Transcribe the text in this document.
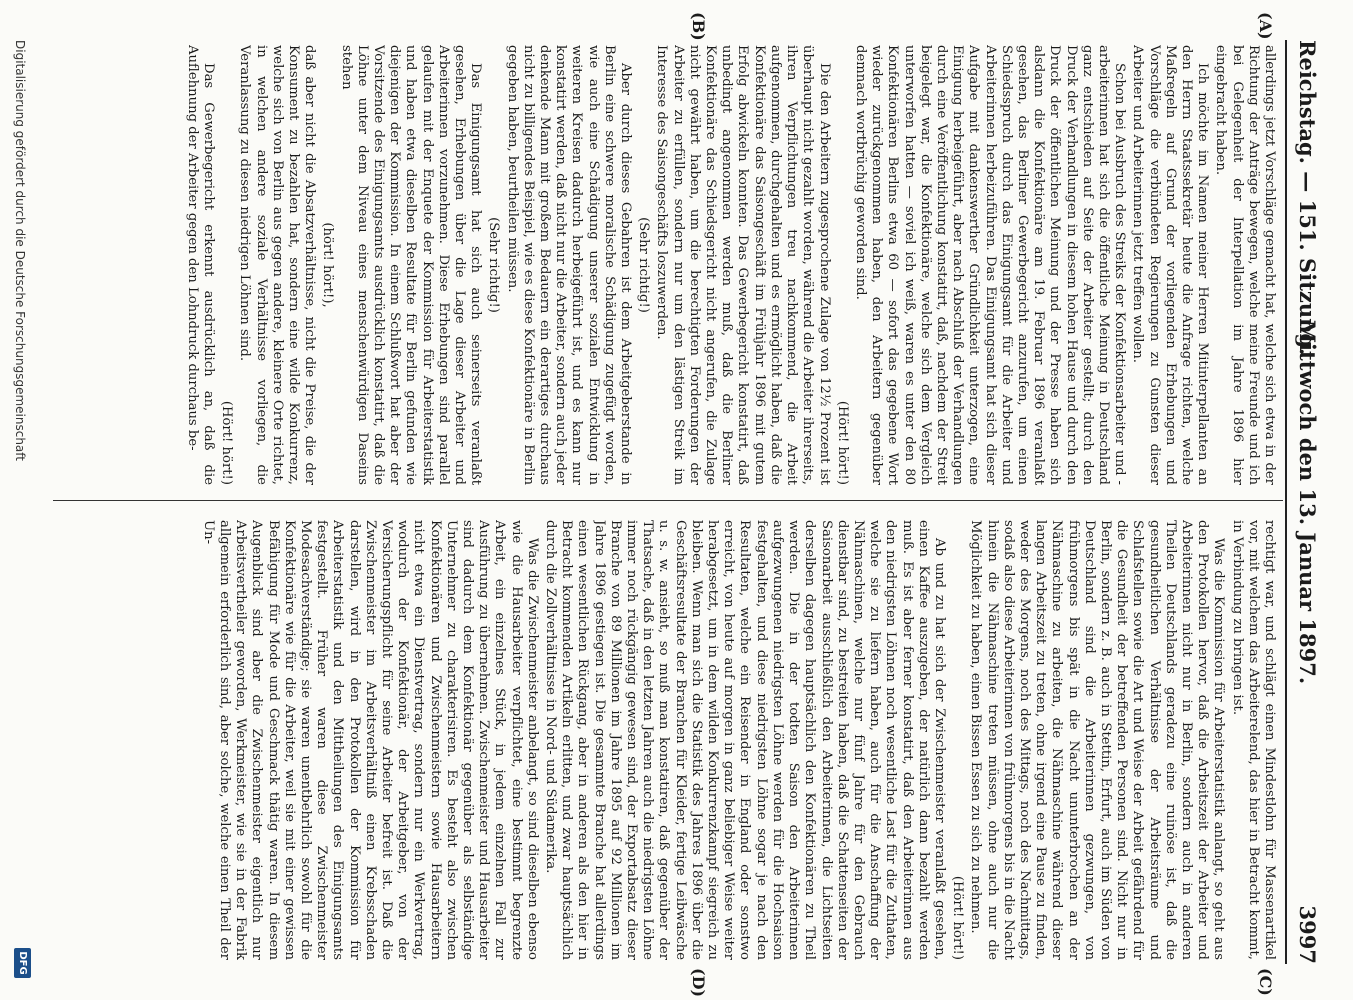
Reichstag. — 151. Sitzung.
Mittwoch den 13. Januar 1897.
3997
(A)
(B)
(C)
(D)

allerdings jetzt Vorschläge gemacht hat, welche sich etwa in der Richtung der Anträge bewegen, welche meine Freunde und ich bei Gelegenheit der Interpellation im Jahre 1896 hier eingebracht haben.

Ich möchte im Namen meiner Herren Mitinterpellanten an den Herrn Staatssekretär heute die Anfrage richten, welche Maßregeln auf Grund der vorliegenden Erhebungen und Vorschläge die verbündeten Regierungen zu Gunsten dieser Arbeiter und Arbeiterinnen jetzt treffen wollen.

Schon bei Ausbruch des Streiks der Konfektionsarbeiter und -arbeiterinnen hat sich die öffentliche Meinung in Deutschland ganz entschieden auf Seite der Arbeiter gestellt; durch den Druck der Verhandlungen in diesem hohen Hause und durch den Druck der öffentlichen Meinung und der Presse haben sich alsdann die Konfektionäre am 19. Februar 1896 veranlaßt gesehen, das Berliner Gewerbegericht anzurufen, um einen Schiedsspruch durch das Einigungsamt für die Arbeiter und Arbeiterinnen herbeizuführen. Das Einigungsamt hat sich dieser Aufgabe mit dankenswerther Gründlichkeit unterzogen, eine Einigung herbeigeführt, aber nach Abschluß der Verhandlungen durch eine Veröffentlichung konstatirt, daß, nachdem der Streit beigelegt war, die Konfektionäre, welche sich dem Vergleich unterworfen hatten — soviel ich weiß, waren es unter den 80 Konfektionären Berlins etwa 60 — sofort das gegebene Wort wieder zurückgenommen haben, den Arbeitern gegenüber demnach wortbrüchig geworden sind.

(Hört! hört!)

Die den Arbeitern zugesprochene Zulage von 12½ Prozent ist überhaupt nicht gezahlt worden, während die Arbeiter ihrerseits, ihren Verpflichtungen treu nachkommend, die Arbeit aufgenommen, durchgehalten und es ermöglicht haben, daß die Konfektionäre das Saisongeschäft im Frühjahr 1896 mit gutem Erfolg abwickeln konnten. Das Gewerbegericht konstatirt, daß unbedingt angenommen werden muß, daß die Berliner Konfektionäre das Schiedsgericht nicht angerufen, die Zulage nicht gewährt haben, um die berechtigten Forderungen der Arbeiter zu erfüllen, sondern nur um den lästigen Streik im Interesse des Saisongeschäfts loszuwerden.

(Sehr richtig!)

Aber durch dieses Gebahren ist dem Arbeitgeberstande in Berlin eine schwere moralische Schädigung zugefügt worden, wie auch eine Schädigung unserer sozialen Entwicklung in weiteren Kreisen dadurch herbeigeführt ist, und es kann nur konstatirt werden, daß nicht nur die Arbeiter, sondern auch jeder denkende Mann mit großem Bedauern ein derartiges durchaus nicht zu billigendes Beispiel, wie es diese Konfektionäre in Berlin gegeben haben, beurtheilen müssen.

(Sehr richtig!)

Das Einigungsamt hat sich auch seinerseits veranlaßt gesehen, Erhebungen über die Lage dieser Arbeiter und Arbeiterinnen vorzunehmen. Diese Erhebungen sind parallel gelaufen mit der Enquete der Kommission für Arbeiterstatistik und haben etwa dieselben Resultate für Berlin gefunden wie diejenigen der Kommission. In einem Schlußwort hat aber der Vorsitzende des Einigungsamts ausdrücklich konstatirt, daß die Löhne unter dem Niveau eines menschenwürdigen Daseins stehen

(hört! hört!),

daß aber nicht die Absatzverhältnisse, nicht die Preise, die der Konsument zu bezahlen hat, sondern eine wilde Konkurrenz, welche sich von Berlin aus gegen andere, kleinere Orte richtet, in welchen andere soziale Verhältnisse vorliegen, die Veranlassung zu diesen niedrigen Löhnen sind.

(Hört! hört!)

Das Gewerbegericht erkennt ausdrücklich an, daß die Auflehnung der Arbeiter gegen den Lohndruck durchaus be-

rechtigt war, und schlägt einen Mindestlohn für Massenartikel vor, mit welchem das Arbeiterelend, das hier in Betracht kommt, in Verbindung zu bringen ist.

Was die Kommission für Arbeiterstatistik anlangt, so geht aus den Protokollen hervor, daß die Arbeitszeit der Arbeiter und Arbeiterinnen nicht nur in Berlin, sondern auch in anderen Theilen Deutschlands geradezu eine ruinöse ist, daß die gesundheitlichen Verhältnisse der Arbeitsräume und Schlafstellen sowie die Art und Weise der Arbeit gefährdend für die Gesundheit der betreffenden Personen sind. Nicht nur in Berlin, sondern z. B. auch in Stettin, Erfurt, auch im Süden von Deutschland sind die Arbeiterinnen gezwungen, von frühmorgens bis spät in die Nacht ununterbrochen an der Nähmaschine zu arbeiten, die Nähmaschine während dieser langen Arbeitszeit zu treten, ohne irgend eine Pause zu finden, weder des Morgens, noch des Mittags, noch des Nachmittags, sodaß also diese Arbeiterinnen von frühmorgens bis in die Nacht hinein die Nähmaschine treten müssen, ohne auch nur die Möglichkeit zu haben, einen Bissen Essen zu sich zu nehmen.

(Hört! hört!)

Ab und zu hat sich der Zwischenmeister veranlaßt gesehen, einen Kaffee auszugeben, der natürlich dann bezahlt werden muß. Es ist aber ferner konstatirt, daß den Arbeiterinnen aus den niedrigsten Löhnen noch wesentliche Last für die Zuthaten, welche sie zu liefern haben, auch für die Anschaffung der Nähmaschinen, welche nur fünf Jahre für den Gebrauch dienstbar sind, zu bestreiten haben, daß die Schattenseiten der Saisonarbeit ausschließlich den Arbeiterinnen, die Lichtseiten derselben dagegen hauptsächlich den Konfektionären zu Theil werden. Die in der todten Saison den Arbeiterinnen aufgezwungenen niedrigsten Löhne werden für die Hochsaison festgehalten, und diese niedrigsten Löhne sogar je nach den Resultaten, welche ein Reisender in England oder sonstwo erreicht, von heute auf morgen in ganz beliebiger Weise weiter herabgesetzt, um in dem wilden Konkurrenzkampf siegreich zu bleiben. Wenn man sich die Statistik des Jahres 1896 über die Geschäftsresultate der Branchen für Kleider, fertige Leibwäsche u. s. w. ansieht, so muß man konstatiren, daß gegenüber der Thatsache, daß in den letzten Jahren auch die niedrigsten Löhne immer noch rückgängig gewesen sind, der Exportabsatz dieser Branche von 89 Millionen im Jahre 1895 auf 92 Millionen im Jahre 1896 gestiegen ist. Die gesammte Branche hat allerdings einen wesentlichen Rückgang, aber in anderen als den hier in Betracht kommenden Artikeln erlitten, und zwar hauptsächlich durch die Zollverhältnisse in Nord- und Südamerika.

Was die Zwischenmeister anbelangt, so sind dieselben ebenso wie die Hausarbeiter verpflichtet, eine bestimmt begrenzte Arbeit, ein einzelnes Stück, in jedem einzelnen Fall zur Ausführung zu übernehmen. Zwischenmeister und Hausarbeiter sind dadurch dem Konfektionär gegenüber als selbständige Unternehmer zu charakterisiren. Es besteht also zwischen Konfektionären und Zwischenmeistern sowie Hausarbeitern nicht etwa ein Dienstvertrag, sondern nur ein Werkvertrag, wodurch der Konfektionär, der Arbeitgeber, von der Versicherungspflicht für seine Arbeiter befreit ist. Daß die Zwischenmeister im Arbeitsverhältniß einen Krebsschaden darstellen, wird in den Protokollen der Kommission für Arbeiterstatistik und den Mittheilungen des Einigungsamts festgestellt. Früher waren diese Zwischenmeister Modesachverständige; sie waren unentbehrlich sowohl für die Konfektionäre wie für die Arbeiter, weil sie mit einer gewissen Befähigung für Mode und Geschmack thätig waren. In diesem Augenblick sind aber die Zwischenmeister eigentlich nur Arbeitsvertheiler geworden, Werkmeister, wie sie in der Fabrik allgemein erforderlich sind, aber solche, welche einen Theil der Un-

Digitalisierung gefördert durch die Deutsche Forschungsgemeinschaft
DFG
